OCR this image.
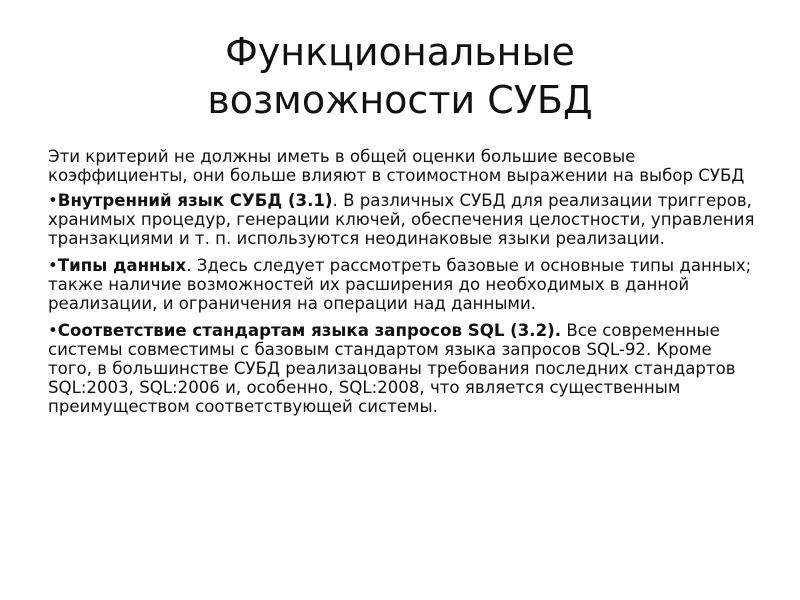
Функциональные
возможности СУБД

Эти критерий не должны иметь в общей оценки большие весовые коэффициенты, они больше влияют в стоимостном выражении на выбор СУБД

•Внутренний язык СУБД (3.1). В различных СУБД для реализации триггеров, хранимых процедур, генерации ключей, обеспечения целостности, управления транзакциями и т. п. используются неодинаковые языки реализации.

•Типы данных. Здесь следует рассмотреть базовые и основные типы данных; также наличие возможностей их расширения до необходимых в данной реализации, и ограничения на операции над данными.

•Соответствие стандартам языка запросов SQL (3.2). Все современные системы совместимы с базовым стандартом языка запросов SQL-92. Кроме того, в большинстве СУБД реализацованы требования последних стандартов SQL:2003, SQL:2006 и, особенно, SQL:2008, что является существенным преимуществом соответствующей системы.
